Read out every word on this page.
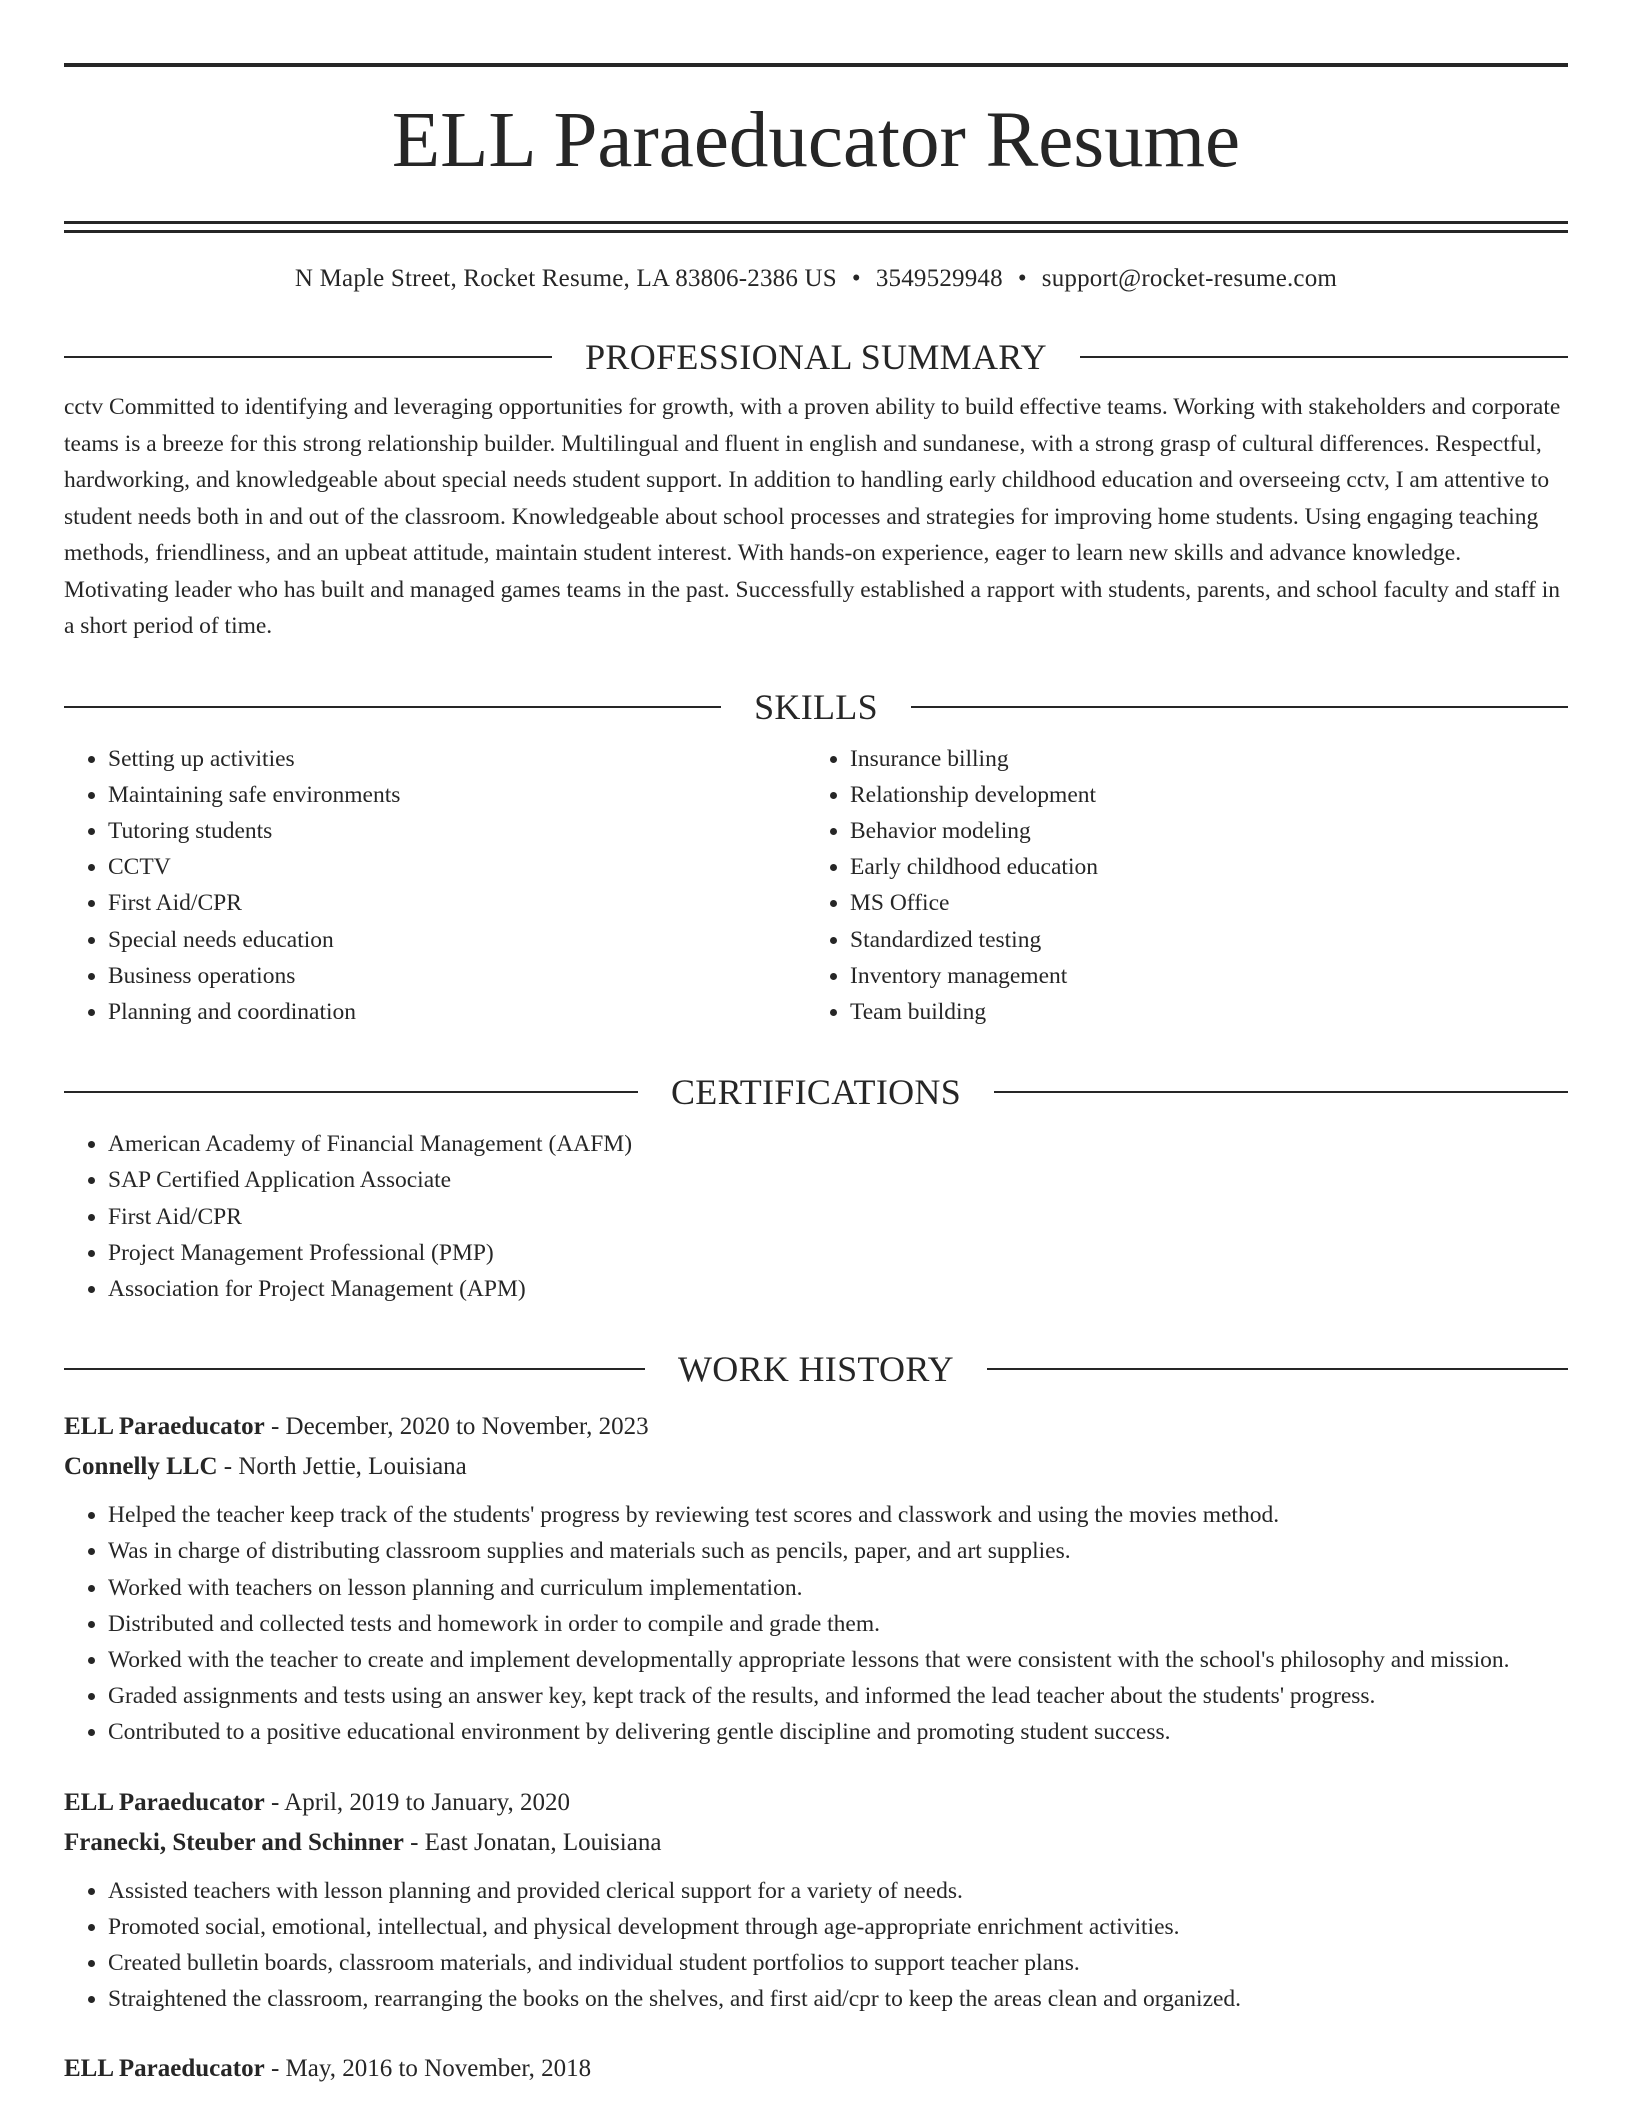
ELL Paraeducator Resume
N Maple Street, Rocket Resume, LA 83806-2386 US • 3549529948 • support@rocket-resume.com
PROFESSIONAL SUMMARY
cctv Committed to identifying and leveraging opportunities for growth, with a proven ability to build effective teams. Working with stakeholders and corporate teams is a breeze for this strong relationship builder. Multilingual and fluent in english and sundanese, with a strong grasp of cultural differences. Respectful, hardworking, and knowledgeable about special needs student support. In addition to handling early childhood education and overseeing cctv, I am attentive to student needs both in and out of the classroom. Knowledgeable about school processes and strategies for improving home students. Using engaging teaching methods, friendliness, and an upbeat attitude, maintain student interest. With hands-on experience, eager to learn new skills and advance knowledge. Motivating leader who has built and managed games teams in the past. Successfully established a rapport with students, parents, and school faculty and staff in a short period of time.
SKILLS
• Setting up activities
• Maintaining safe environments
• Tutoring students
• CCTV
• First Aid/CPR
• Special needs education
• Business operations
• Planning and coordination
• Insurance billing
• Relationship development
• Behavior modeling
• Early childhood education
• MS Office
• Standardized testing
• Inventory management
• Team building
CERTIFICATIONS
• American Academy of Financial Management (AAFM)
• SAP Certified Application Associate
• First Aid/CPR
• Project Management Professional (PMP)
• Association for Project Management (APM)
WORK HISTORY
ELL Paraeducator - December, 2020 to November, 2023
Connelly LLC - North Jettie, Louisiana
• Helped the teacher keep track of the students' progress by reviewing test scores and classwork and using the movies method.
• Was in charge of distributing classroom supplies and materials such as pencils, paper, and art supplies.
• Worked with teachers on lesson planning and curriculum implementation.
• Distributed and collected tests and homework in order to compile and grade them.
• Worked with the teacher to create and implement developmentally appropriate lessons that were consistent with the school's philosophy and mission.
• Graded assignments and tests using an answer key, kept track of the results, and informed the lead teacher about the students' progress.
• Contributed to a positive educational environment by delivering gentle discipline and promoting student success.
ELL Paraeducator - April, 2019 to January, 2020
Franecki, Steuber and Schinner - East Jonatan, Louisiana
• Assisted teachers with lesson planning and provided clerical support for a variety of needs.
• Promoted social, emotional, intellectual, and physical development through age-appropriate enrichment activities.
• Created bulletin boards, classroom materials, and individual student portfolios to support teacher plans.
• Straightened the classroom, rearranging the books on the shelves, and first aid/cpr to keep the areas clean and organized.
ELL Paraeducator - May, 2016 to November, 2018
